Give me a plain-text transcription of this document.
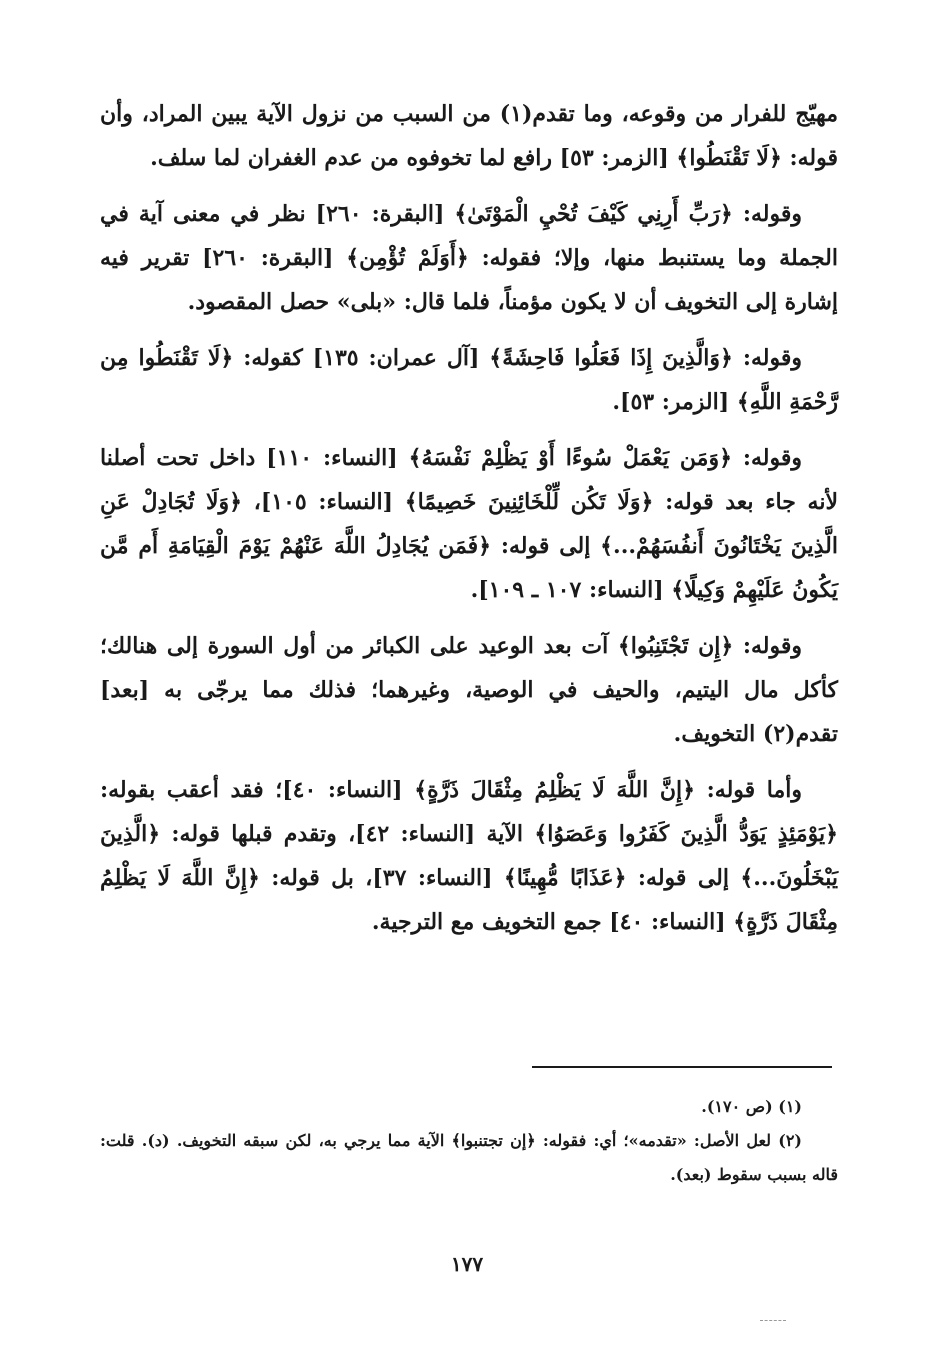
مهيّج للفرار من وقوعه، وما تقدم(١) من السبب من نزول الآية يبين المراد، وأن قوله: ﴿لَا تَقْنَطُوا﴾ [الزمر: ٥٣] رافع لما تخوفوه من عدم الغفران لما سلف.

وقوله: ﴿رَبِّ أَرِنِي كَيْفَ تُحْيِ الْمَوْتَىٰ﴾ [البقرة: ٢٦٠] نظر في معنى آية في الجملة وما يستنبط منها، وإلا؛ فقوله: ﴿أَوَلَمْ تُؤْمِن﴾ [البقرة: ٢٦٠] تقرير فيه إشارة إلى التخويف أن لا يكون مؤمناً، فلما قال: «بلى» حصل المقصود.

وقوله: ﴿وَالَّذِينَ إِذَا فَعَلُوا فَاحِشَةً﴾ [آل عمران: ١٣٥] كقوله: ﴿لَا تَقْنَطُوا مِن رَّحْمَةِ اللَّهِ﴾ [الزمر: ٥٣].

وقوله: ﴿وَمَن يَعْمَلْ سُوءًا أَوْ يَظْلِمْ نَفْسَهُ﴾ [النساء: ١١٠] داخل تحت أصلنا لأنه جاء بعد قوله: ﴿وَلَا تَكُن لِّلْخَائِنِينَ خَصِيمًا﴾ [النساء: ١٠٥]، ﴿وَلَا تُجَادِلْ عَنِ الَّذِينَ يَخْتَانُونَ أَنفُسَهُمْ...﴾ إلى قوله: ﴿فَمَن يُجَادِلُ اللَّهَ عَنْهُمْ يَوْمَ الْقِيَامَةِ أَم مَّن يَكُونُ عَلَيْهِمْ وَكِيلًا﴾ [النساء: ١٠٧ ـ ١٠٩].

وقوله: ﴿إِن تَجْتَنِبُوا﴾ آت بعد الوعيد على الكبائر من أول السورة إلى هنالك؛ كأكل مال اليتيم، والحيف في الوصية، وغيرهما؛ فذلك مما يرجّى به [بعد] تقدم(٢) التخويف.

وأما قوله: ﴿إِنَّ اللَّهَ لَا يَظْلِمُ مِثْقَالَ ذَرَّةٍ﴾ [النساء: ٤٠]؛ فقد أعقب بقوله: ﴿يَوْمَئِذٍ يَوَدُّ الَّذِينَ كَفَرُوا وَعَصَوُا﴾ الآية [النساء: ٤٢]، وتقدم قبلها قوله: ﴿الَّذِينَ يَبْخَلُونَ...﴾ إلى قوله: ﴿عَذَابًا مُّهِينًا﴾ [النساء: ٣٧]، بل قوله: ﴿إِنَّ اللَّهَ لَا يَظْلِمُ مِثْقَالَ ذَرَّةٍ﴾ [النساء: ٤٠] جمع التخويف مع الترجية.

(١) (ص ١٧٠).

(٢) لعل الأصل: «تقدمه»؛ أي: فقوله: ﴿إن تجتنبوا﴾ الآية مما يرجي به، لكن سبقه التخويف. (د). قلت: قاله بسبب سقوط (بعد).

١٧٧
